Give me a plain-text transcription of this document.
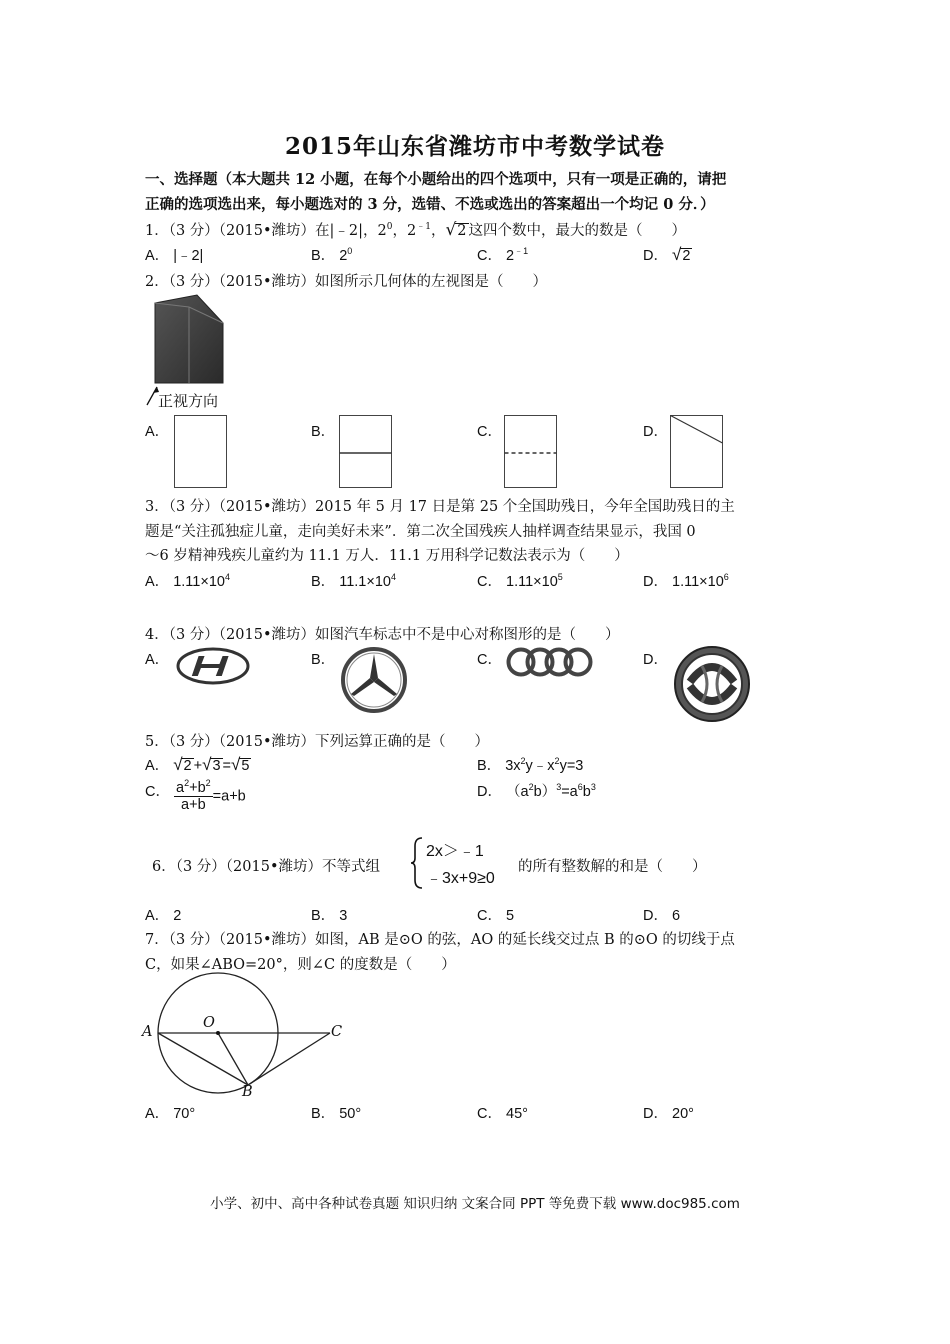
2015年山东省潍坊市中考数学试卷
一、选择题（本大题共 12 小题，在每个小题给出的四个选项中，只有一项是正确的，请把
正确的选项选出来，每小题选对的 3 分，选错、不选或选出的答案超出一个均记 0 分．）
1．（3 分）（2015•潍坊）在|﹣2|，$2^0$，$2^{﹣1}$，√2 这四个数中，最大的数是（　　）
A． |﹣2|	B． $2^0$	C． $2^{﹣1}$	D． √2
2．（3 分）（2015•潍坊）如图所示几何体的左视图是（　　）
正视方向
A．	B．	C．	D．
3．（3 分）（2015•潍坊）2015 年 5 月 17 日是第 25 个全国助残日，今年全国助残日的主
题是“关注孤独症儿童，走向美好未来”．第二次全国残疾人抽样调查结果显示，我国 0
～6 岁精神残疾儿童约为 11.1 万人．11.1 万用科学记数法表示为（　　）
A． $1.11\times 10^4$	B． $11.1\times 10^4$	C． $1.11\times 10^5$	D． $1.11\times 10^6$
4．（3 分）（2015•潍坊）如图汽车标志中不是中心对称图形的是（　　）
A．	B．	C．	D．
5．（3 分）（2015•潍坊）下列运算正确的是（　　）
A． √2 +√3 =√5	B． $3x^2y﹣x^2y=3$
C． $\frac{a^2+b^2}{a+b} =a+b$	D． $(a^2b)^3=a^6b^3$
6．（3 分）（2015•潍坊）不等式组
2x＞﹣1
﹣3x+9≥0
的所有整数解的和是（　　）
A． 2	B． 3	C． 5	D． 6
7．（3 分）（2015•潍坊）如图，AB 是⊙O 的弦，AO 的延长线交过点 B 的⊙O 的切线于点
C，如果∠ABO=20°，则∠C 的度数是（　　）
A
O
C
B
A． 70°	B． 50°	C． 45°	D． 20°
小学、初中、高中各种试卷真题 知识归纳 文案合同 PPT 等免费下载 www.doc985.com
